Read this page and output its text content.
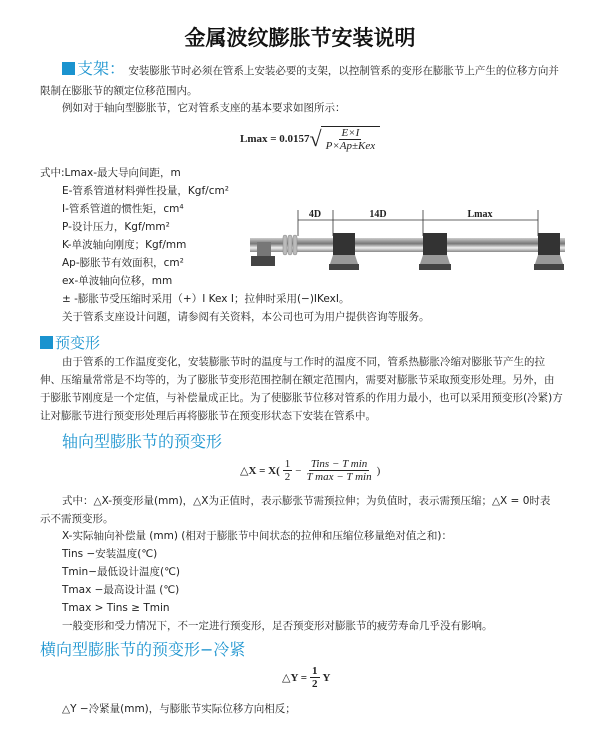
金属波纹膨胀节安装说明
支架： 安装膨胀节时必须在管系上安装必要的支架，以控制管系的变形在膨胀节上产生的位移方向并
限制在膨胀节的额定位移范围内。
例如对于轴向型膨胀节，它对管系支座的基本要求如图所示：
Lmax = 0.0157 √ $\frac{E\times I}{\text{P×Ap±Kex}}$
式中:Lmax-最大导向间距，m
E-管系管道材料弹性投量，Kgf/cm²
I-管系管道的惯性矩，cm⁴
P-设计压力，Kgf/mm²
K-单波轴向刚度；Kgf/mm
Ap-膨胀节有效面积，cm²
ex-单波轴向位移，mm
± -膨胀节受压缩时采用（+）I Kex I；拉伸时采用(−)IKexI。
关于管系支座设计问题，请参阅有关资料，本公司也可为用户提供咨询等服务。
4D	14D	Lmax
预变形
由于管系的工作温度变化，安装膨胀节时的温度与工作时的温度不同，管系热膨胀冷缩对膨胀节产生的拉
伸、压缩量常常是不均等的，为了膨胀节变形范围控制在额定范围内，需要对膨胀节采取预变形处理。另外，由
于膨胀节刚度是一个定值，与补偿量成正比。为了使膨胀节位移对管系的作用力最小，也可以采用预变形(冷紧)方
让对膨胀节进行预变形处理后再将膨胀节在预变形状态下安装在管系中。
轴向型膨胀节的预变形
△X = $X( \frac{1}{2} - \frac{\text{Tins − T min}}{\text{T max − T min}}$ )
式中：△X-预变形量(mm)，△X为正值时，表示膨张节需预拉伸；为负值时，表示需预压缩；△X = 0时表
示不需预变形。
X-实际轴向补偿量 (mm) (相对于膨胀节中间状态的拉伸和压缩位移量绝对值之和)：
Tins −安装温度(℃)
Tmin−最低设计温度(℃)
Tmax −最高设计温 (℃)
Tmax > Tins ≥ Tmin
一般变形和受力情况下，不一定进行预变形，足否预变形对膨胀节的疲劳寿命几乎没有影响。
横向型膨胀节的预变形−冷紧
△Y = $\frac{1}{2}$ Y
△Y −冷紧量(mm)，与膨胀节实际位移方向相反；
